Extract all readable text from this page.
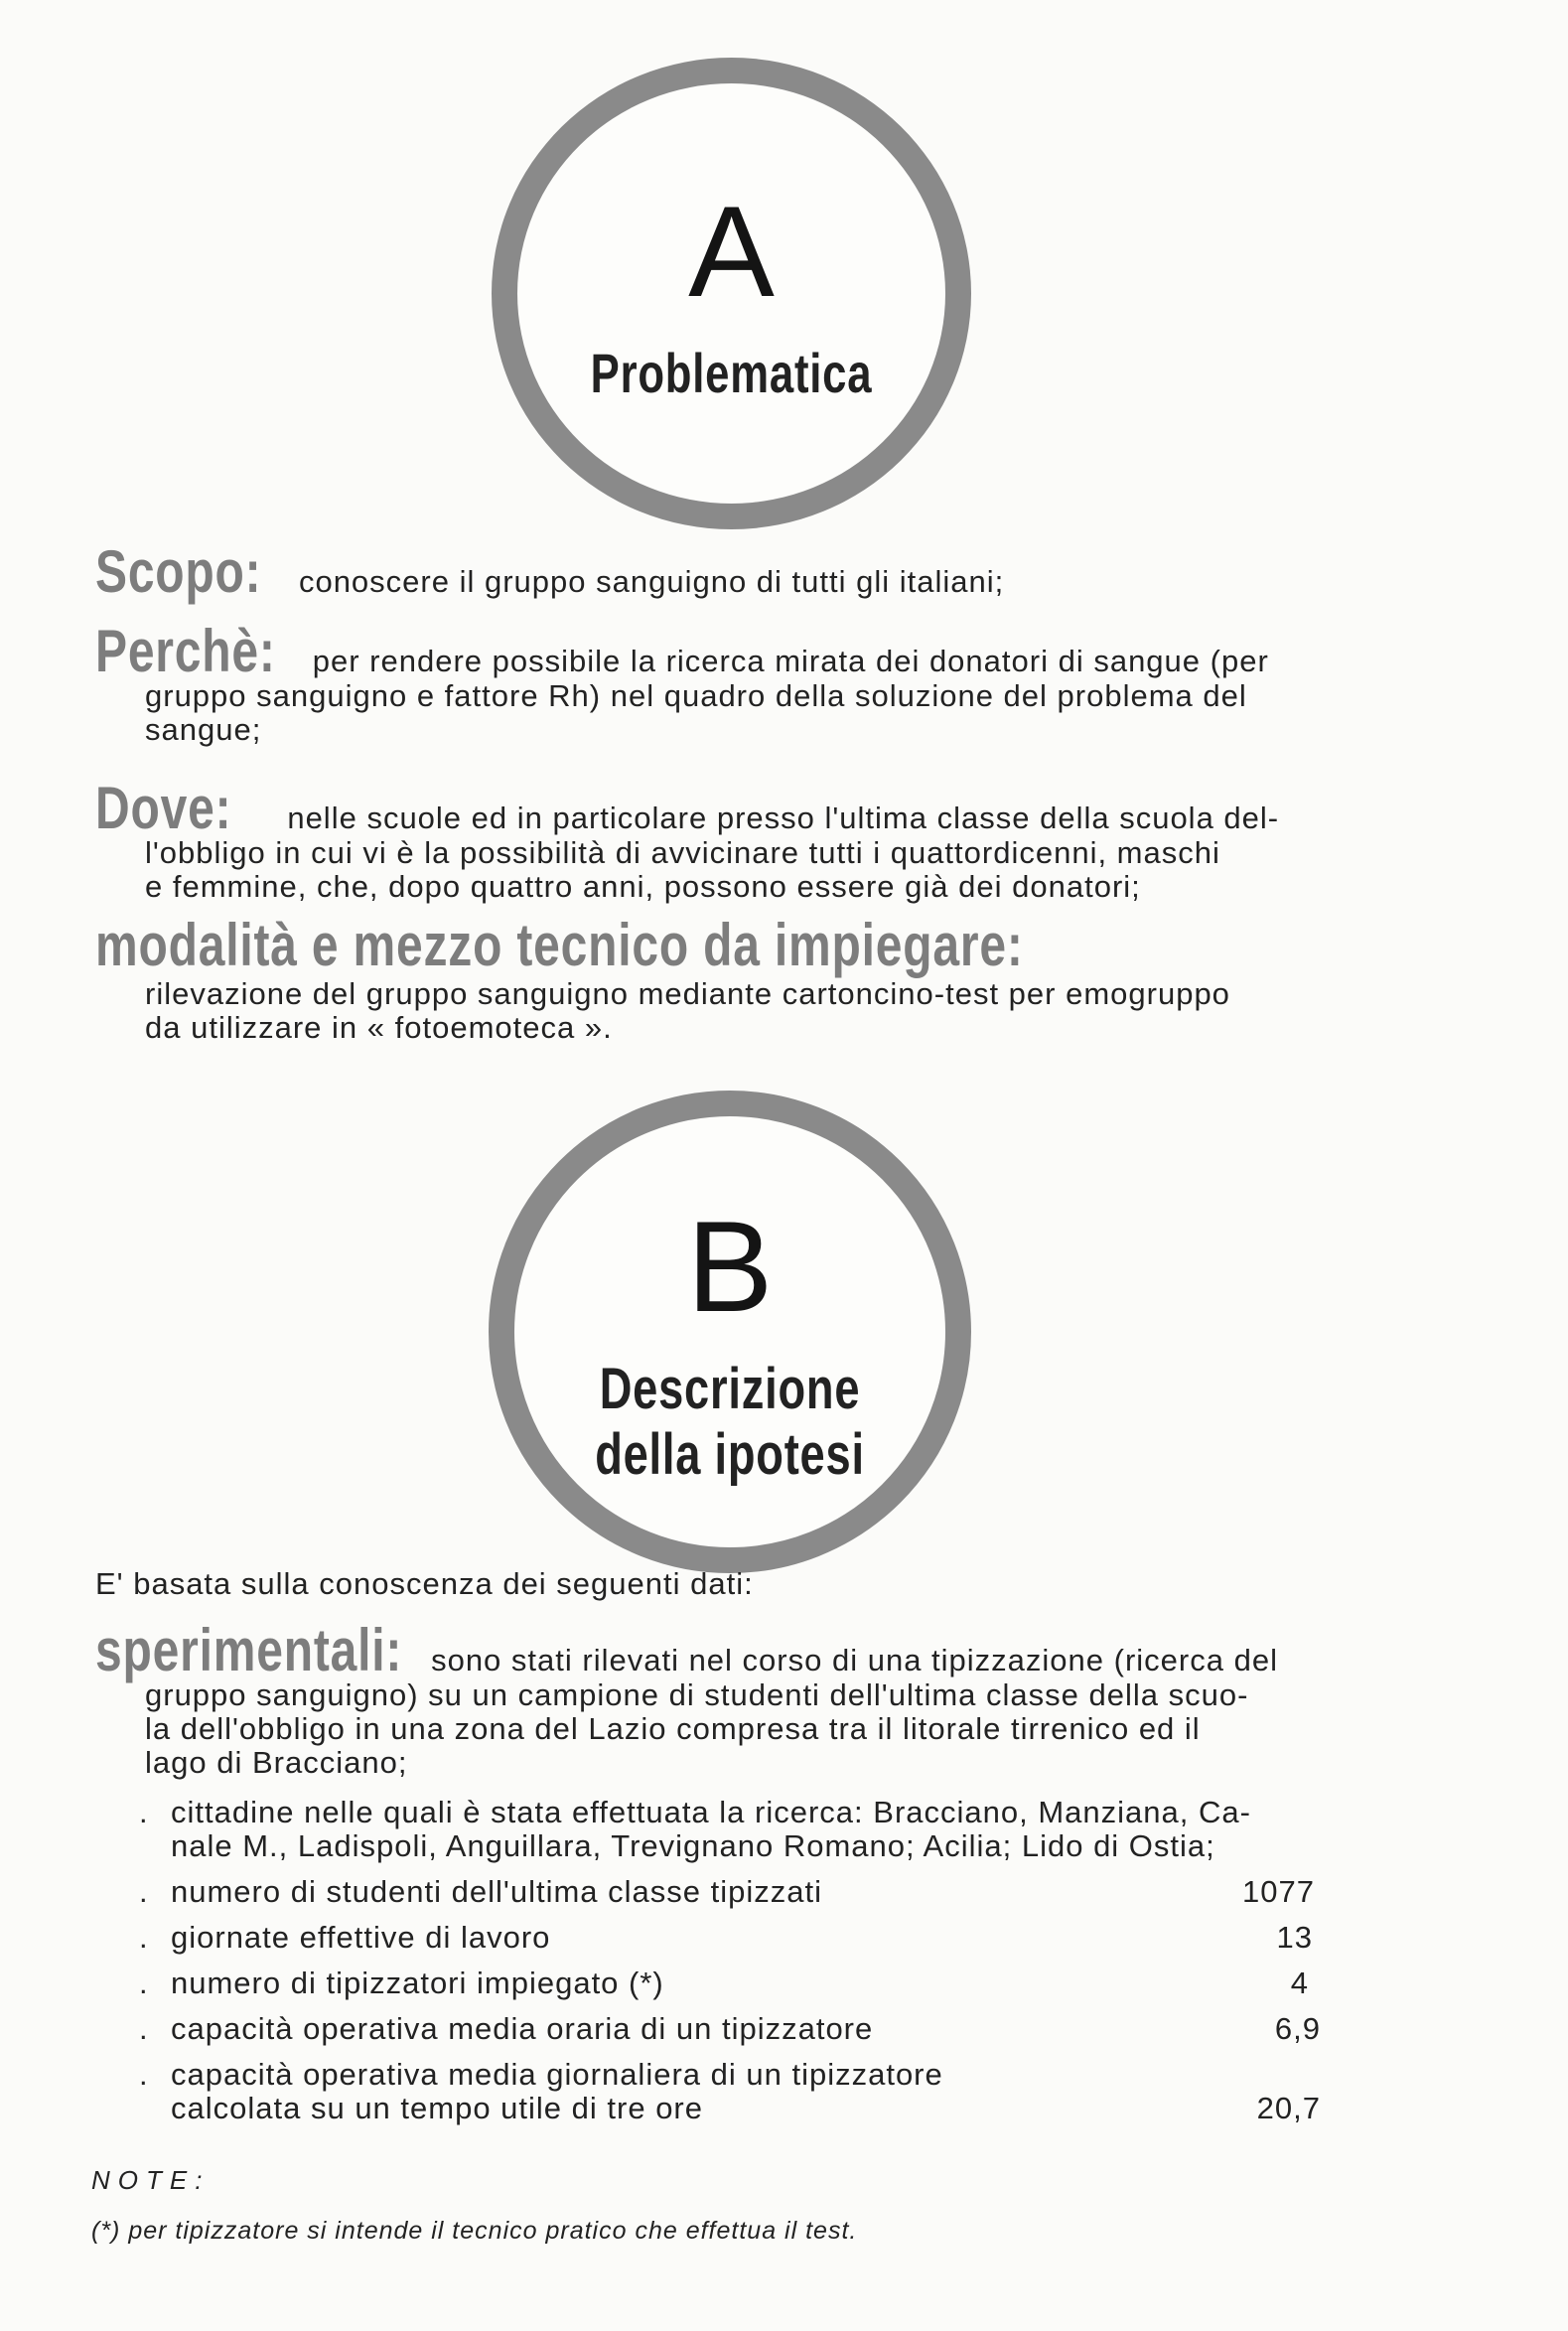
A
Problematica
Scopo: conoscere il gruppo sanguigno di tutti gli italiani;
Perchè: per rendere possibile la ricerca mirata dei donatori di sangue (per
gruppo sanguigno e fattore Rh) nel quadro della soluzione del problema del
sangue;
Dove: nelle scuole ed in particolare presso l'ultima classe della scuola del-
l'obbligo in cui vi è la possibilità di avvicinare tutti i quattordicenni, maschi
e femmine, che, dopo quattro anni, possono essere già dei donatori;
modalità e mezzo tecnico da impiegare:
rilevazione del gruppo sanguigno mediante cartoncino-test per emogruppo
da utilizzare in « fotoemoteca ».
B
Descrizione
della ipotesi
E' basata sulla conoscenza dei seguenti dati:
sperimentali: sono stati rilevati nel corso di una tipizzazione (ricerca del
gruppo sanguigno) su un campione di studenti dell'ultima classe della scuo-
la dell'obbligo in una zona del Lazio compresa tra il litorale tirrenico ed il
lago di Bracciano;
. cittadine nelle quali è stata effettuata la ricerca: Bracciano, Manziana, Ca-
nale M., Ladispoli, Anguillara, Trevignano Romano; Acilia; Lido di Ostia;
. numero di studenti dell'ultima classe tipizzati	1077
. giornate effettive di lavoro	13
. numero di tipizzatori impiegato (*)	4
. capacità operativa media oraria di un tipizzatore	6,9
. capacità operativa media giornaliera di un tipizzatore
calcolata su un tempo utile di tre ore	20,7
NOTE:
(*) per tipizzatore si intende il tecnico pratico che effettua il test.
